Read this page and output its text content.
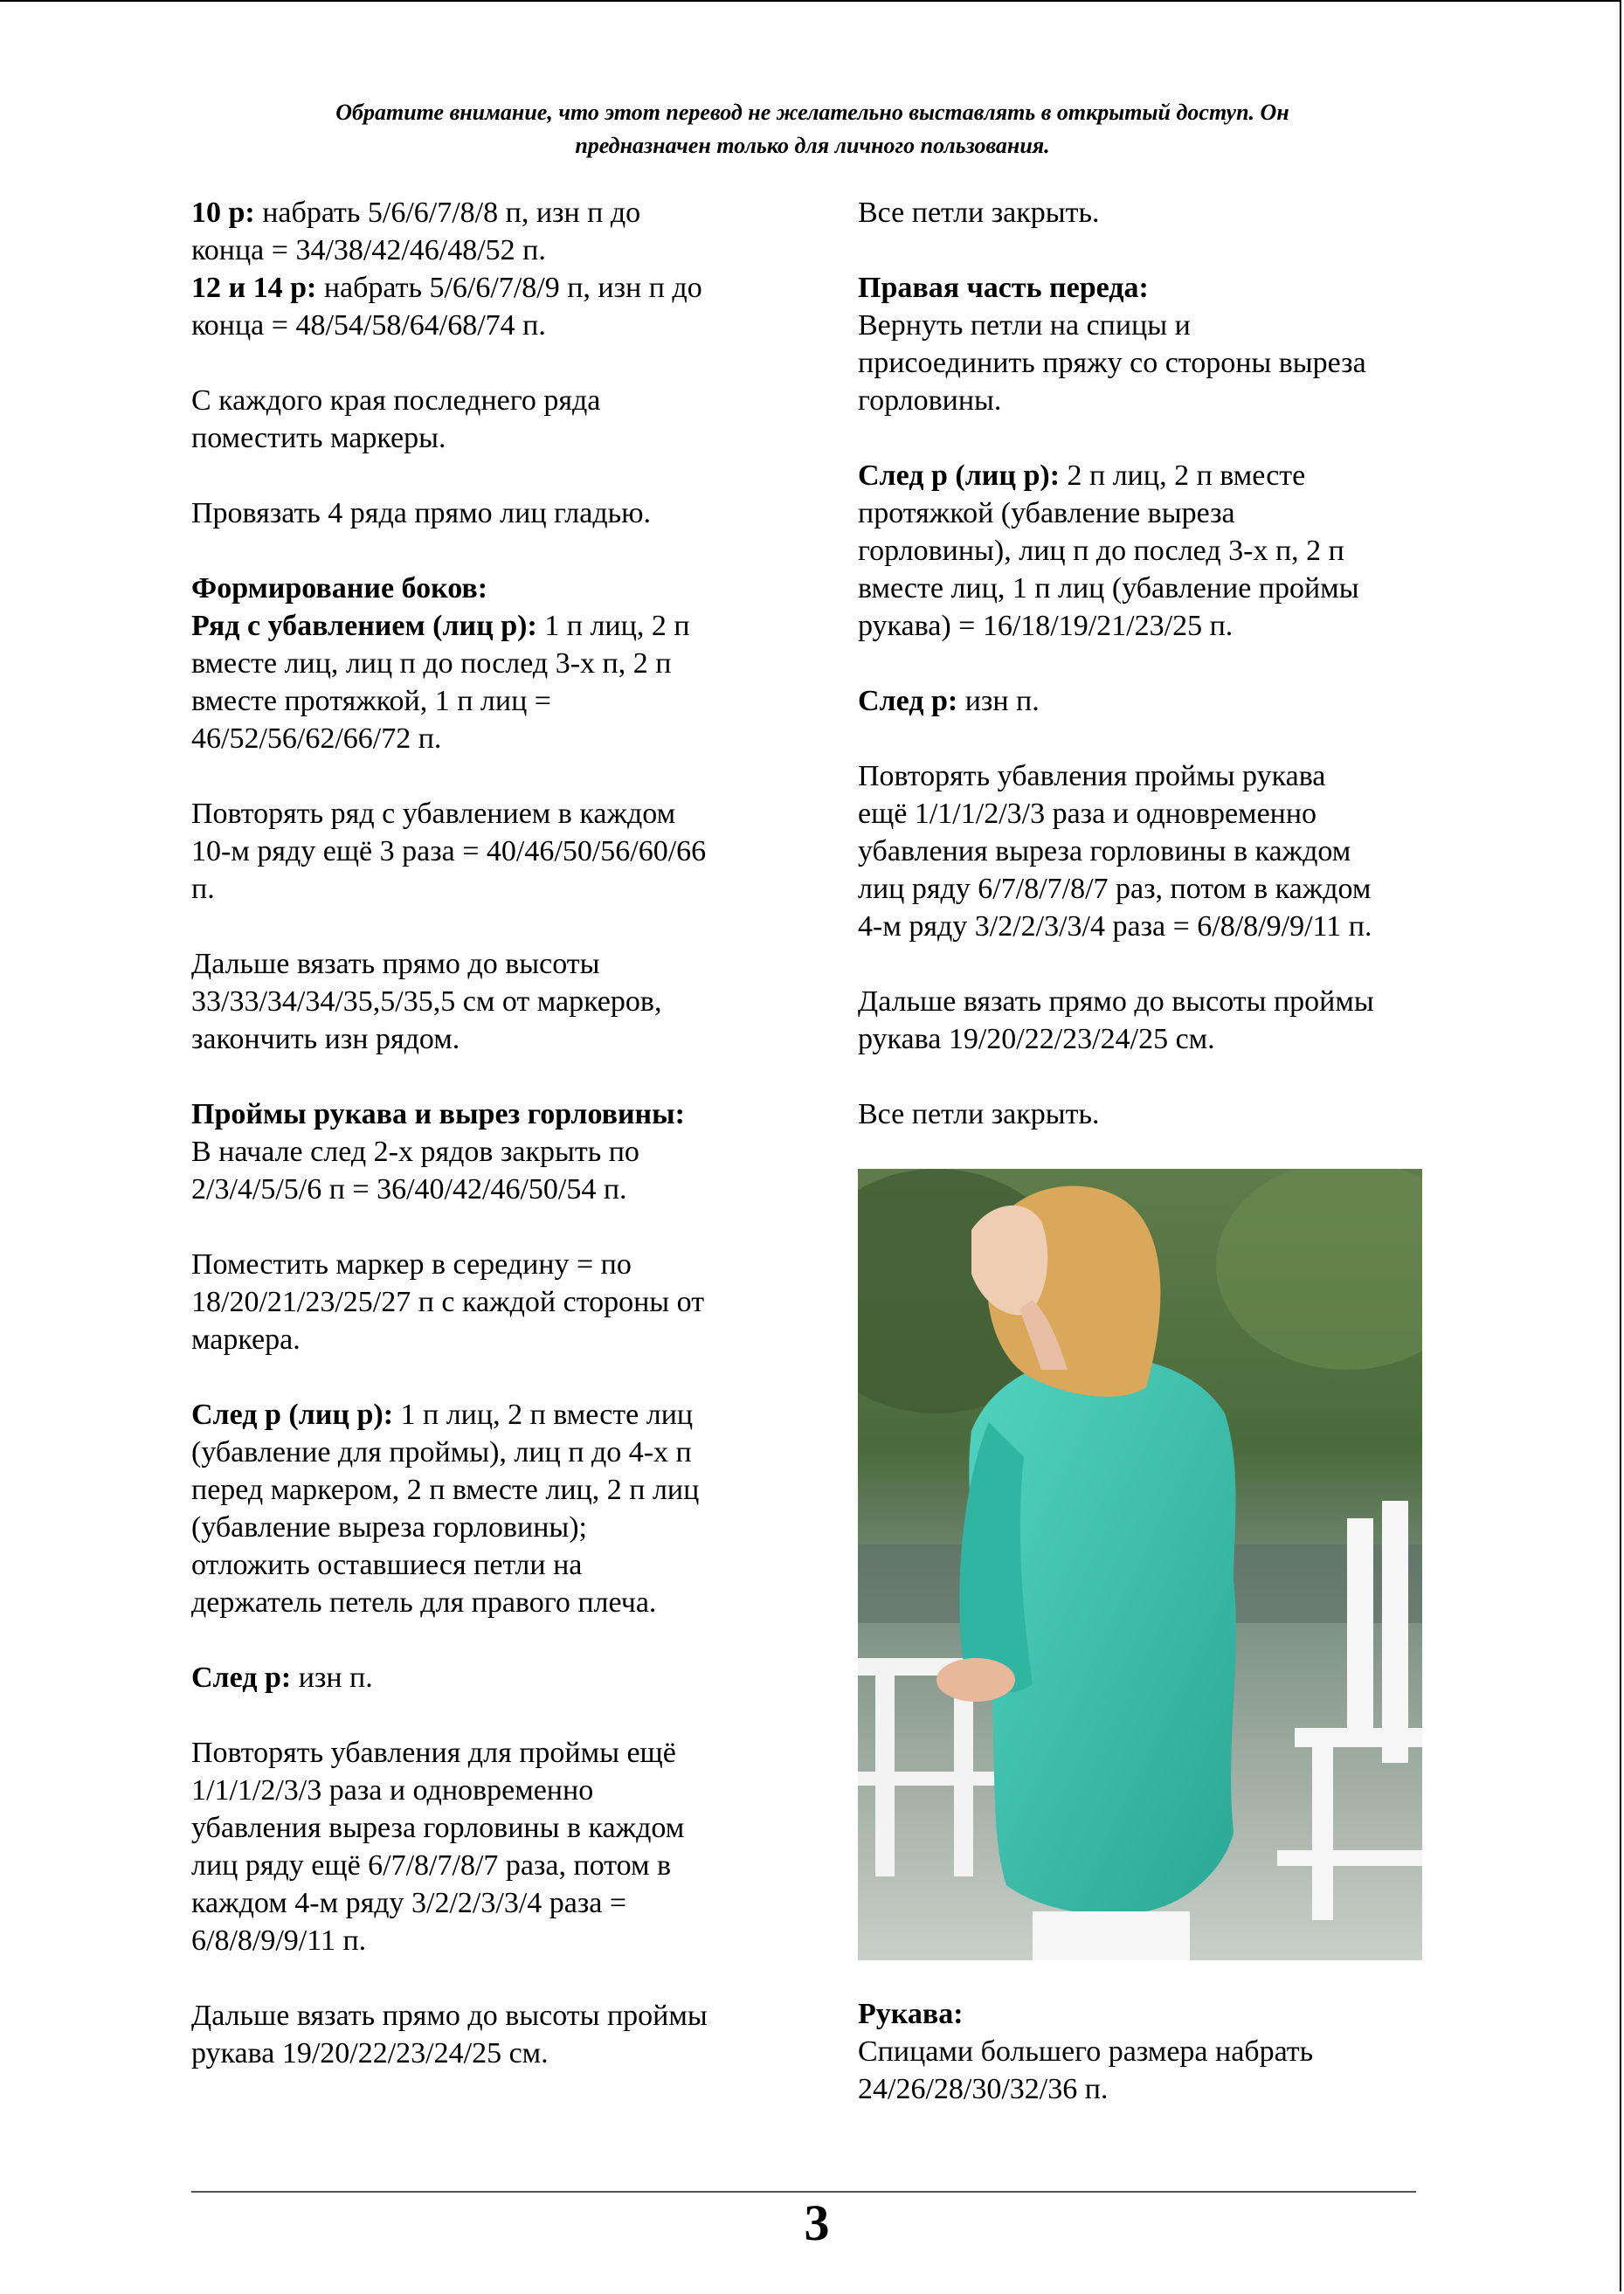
Обратите внимание, что этот перевод не желательно выставлять в открытый доступ. Он
предназначен только для личного пользования.

10 р: набрать 5/6/6/7/8/8 п, изн п до
конца = 34/38/42/46/48/52 п.
12 и 14 р: набрать 5/6/6/7/8/9 п, изн п до
конца = 48/54/58/64/68/74 п.

С каждого края последнего ряда
поместить маркеры.

Провязать 4 ряда прямо лиц гладью.

Формирование боков:
Ряд с убавлением (лиц р): 1 п лиц, 2 п
вместе лиц, лиц п до послед 3-х п, 2 п
вместе протяжкой, 1 п лиц =
46/52/56/62/66/72 п.

Повторять ряд с убавлением в каждом
10-м ряду ещё 3 раза = 40/46/50/56/60/66
п.

Дальше вязать прямо до высоты
33/33/34/34/35,5/35,5 см от маркеров,
закончить изн рядом.

Проймы рукава и вырез горловины:
В начале след 2-х рядов закрыть по
2/3/4/5/5/6 п = 36/40/42/46/50/54 п.

Поместить маркер в середину = по
18/20/21/23/25/27 п с каждой стороны от
маркера.

След р (лиц р): 1 п лиц, 2 п вместе лиц
(убавление для проймы), лиц п до 4-х п
перед маркером, 2 п вместе лиц, 2 п лиц
(убавление выреза горловины);
отложить оставшиеся петли на
держатель петель для правого плеча.

След р: изн п.

Повторять убавления для проймы ещё
1/1/1/2/3/3 раза и одновременно
убавления выреза горловины в каждом
лиц ряду ещё 6/7/8/7/8/7 раза, потом в
каждом 4-м ряду 3/2/2/3/3/4 раза =
6/8/8/9/9/11 п.

Дальше вязать прямо до высоты проймы
рукава 19/20/22/23/24/25 см.

Все петли закрыть.

Правая часть переда:
Вернуть петли на спицы и
присоединить пряжу со стороны выреза
горловины.

След р (лиц р): 2 п лиц, 2 п вместе
протяжкой (убавление выреза
горловины), лиц п до послед 3-х п, 2 п
вместе лиц, 1 п лиц (убавление проймы
рукава) = 16/18/19/21/23/25 п.

След р: изн п.

Повторять убавления проймы рукава
ещё 1/1/1/2/3/3 раза и одновременно
убавления выреза горловины в каждом
лиц ряду 6/7/8/7/8/7 раз, потом в каждом
4-м ряду 3/2/2/3/3/4 раза = 6/8/8/9/9/11 п.

Дальше вязать прямо до высоты проймы
рукава 19/20/22/23/24/25 см.

Все петли закрыть.

Рукава:
Спицами большего размера набрать
24/26/28/30/32/36 п.
3
